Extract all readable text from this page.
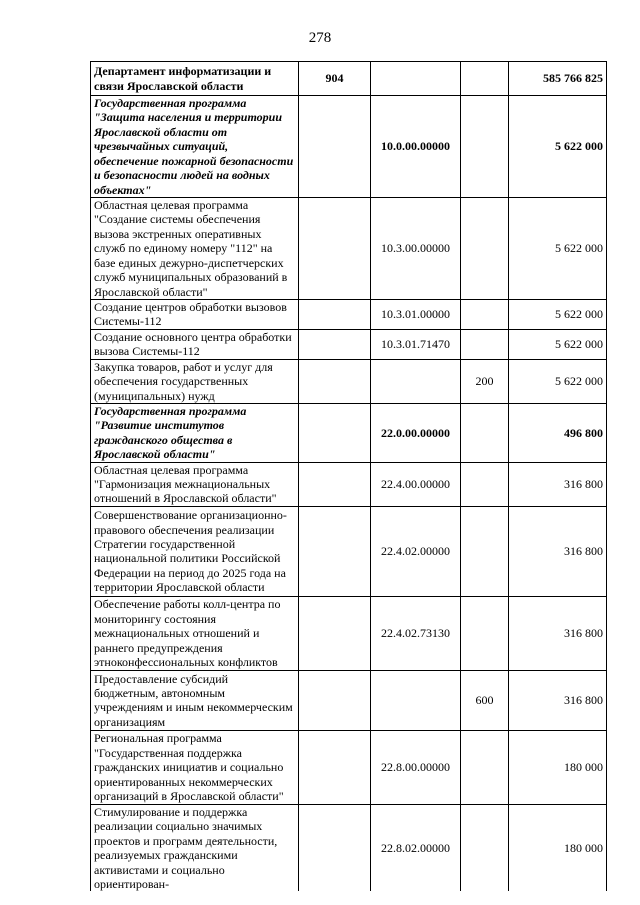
278
Департамент информатизации и связи Ярославской области	904			585 766 825
Государственная программа "Защита населения и территории Ярославской области от чрезвычайных ситуаций, обеспечение пожарной безопасности и безопасности людей на водных объектах"		10.0.00.00000		5 622 000
Областная целевая программа "Создание системы обеспечения вызова экстренных оперативных служб по единому номеру "112" на базе единых дежурно-диспетчерских служб муниципальных образований в Ярославской области"		10.3.00.00000		5 622 000
Создание центров обработки вызовов Системы-112		10.3.01.00000		5 622 000
Создание основного центра обработки вызова Системы-112		10.3.01.71470		5 622 000
Закупка товаров, работ и услуг для обеспечения государственных (муниципальных) нужд			200	5 622 000
Государственная программа "Развитие институтов гражданского общества в Ярославской области"		22.0.00.00000		496 800
Областная целевая программа "Гармонизация межнациональных отношений в Ярославской области"		22.4.00.00000		316 800
Совершенствование организационно-правового обеспечения реализации Стратегии государственной национальной политики Российской Федерации на период до 2025 года на территории Ярославской области		22.4.02.00000		316 800
Обеспечение работы колл-центра по мониторингу состояния межнациональных отношений и раннего предупреждения этноконфессиональных конфликтов		22.4.02.73130		316 800
Предоставление субсидий бюджетным, автономным учреждениям и иным некоммерческим организациям			600	316 800
Региональная программа "Государственная поддержка гражданских инициатив и социально ориентированных некоммерческих организаций в Ярославской области"		22.8.00.00000		180 000
Стимулирование и поддержка реализации социально значимых проектов и программ деятельности, реализуемых гражданскими активистами и социально ориентирован-		22.8.02.00000		180 000
